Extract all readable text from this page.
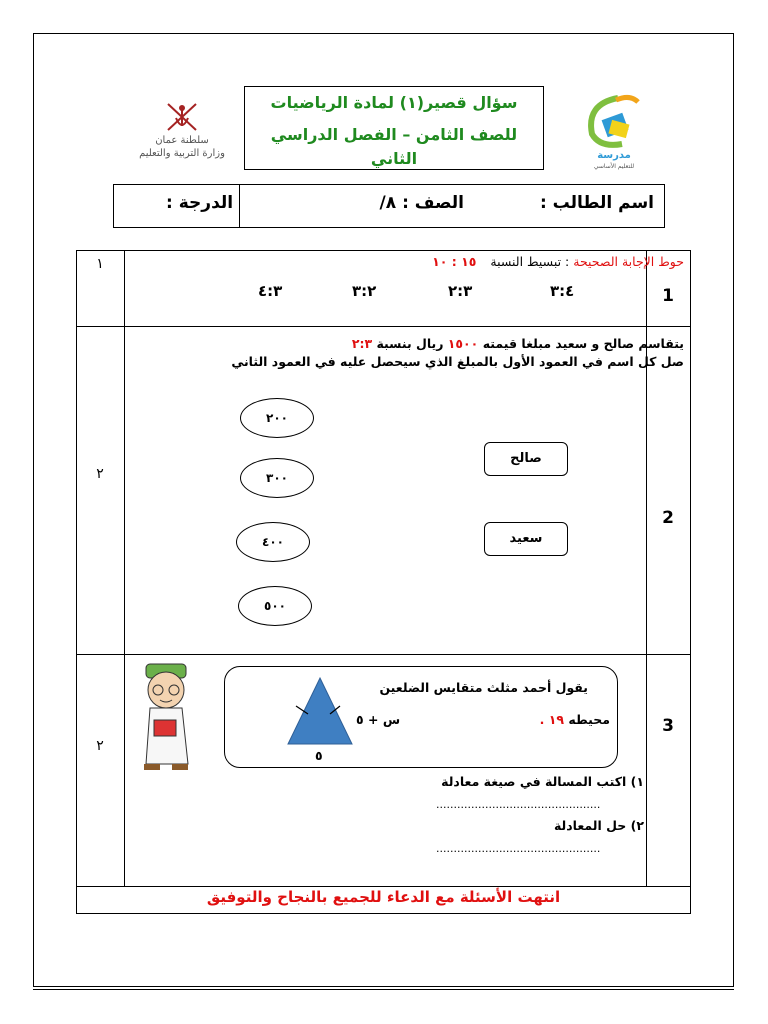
سلطنة عمان
وزارة التربية والتعليم
سؤال قصير(١) لمادة الرياضيات
للصف الثامن – الفصل الدراسي الثاني	مدرسة
للتعليم الأساسي
اسم الطالب :
الصف : ٨/
الدرجة :
1
١	حوط الإجابة الصحيحة : تبسيط النسبة ١٥ : ١٠
٣:٤
٢:٣
٣:٢
٤:٣
2
٢
يتقاسم صالح و سعيد مبلغا قيمته ١٥٠٠ ريال بنسبة ٢:٣
صل كل اسم في العمود الأول بالمبلغ الذي سيحصل عليه في العمود الثاني
صالح
سعيد
٢٠٠
٣٠٠
٤٠٠
٥٠٠
3
٢
يقول أحمد مثلث متقايس الضلعين
محيطه ١٩ .
س + ٥
٥
١) اكتب المسالة في صيغة معادلة
...............................................
٢) حل المعادلة
...............................................
انتهت الأسئلة مع الدعاء للجميع بالنجاح والتوفيق
